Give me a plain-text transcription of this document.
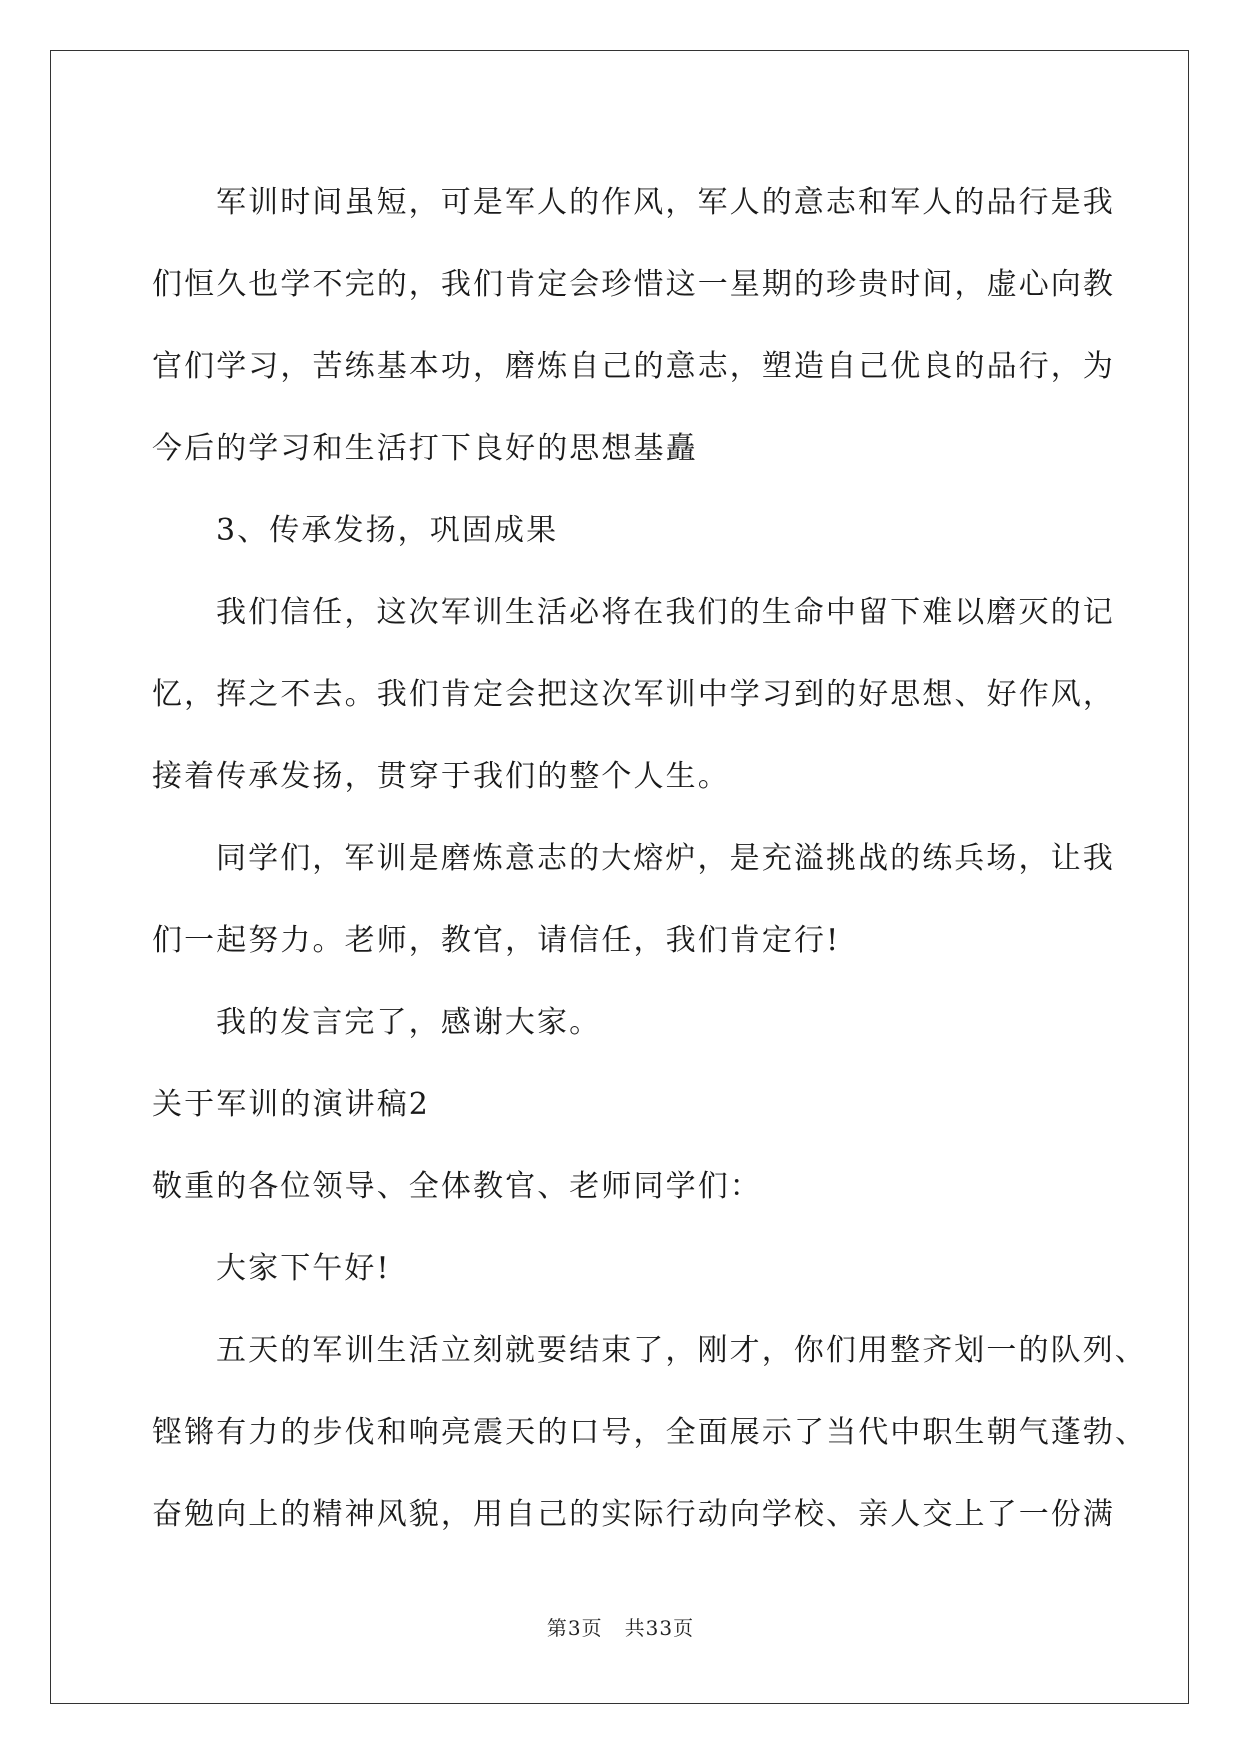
军训时间虽短，可是军人的作风，军人的意志和军人的品行是我
们恒久也学不完的，我们肯定会珍惜这一星期的珍贵时间，虚心向教
官们学习，苦练基本功，磨炼自己的意志，塑造自己优良的品行，为
今后的学习和生活打下良好的思想基矗
3、传承发扬，巩固成果
我们信任，这次军训生活必将在我们的生命中留下难以磨灭的记
忆，挥之不去。我们肯定会把这次军训中学习到的好思想、好作风，
接着传承发扬，贯穿于我们的整个人生。
同学们，军训是磨炼意志的大熔炉，是充溢挑战的练兵场，让我
们一起努力。老师，教官，请信任，我们肯定行!
我的发言完了，感谢大家。
关于军训的演讲稿2
敬重的各位领导、全体教官、老师同学们：
大家下午好!
五天的军训生活立刻就要结束了，刚才，你们用整齐划一的队列、
铿锵有力的步伐和响亮震天的口号，全面展示了当代中职生朝气蓬勃、
奋勉向上的精神风貌，用自己的实际行动向学校、亲人交上了一份满
第3页 共33页
